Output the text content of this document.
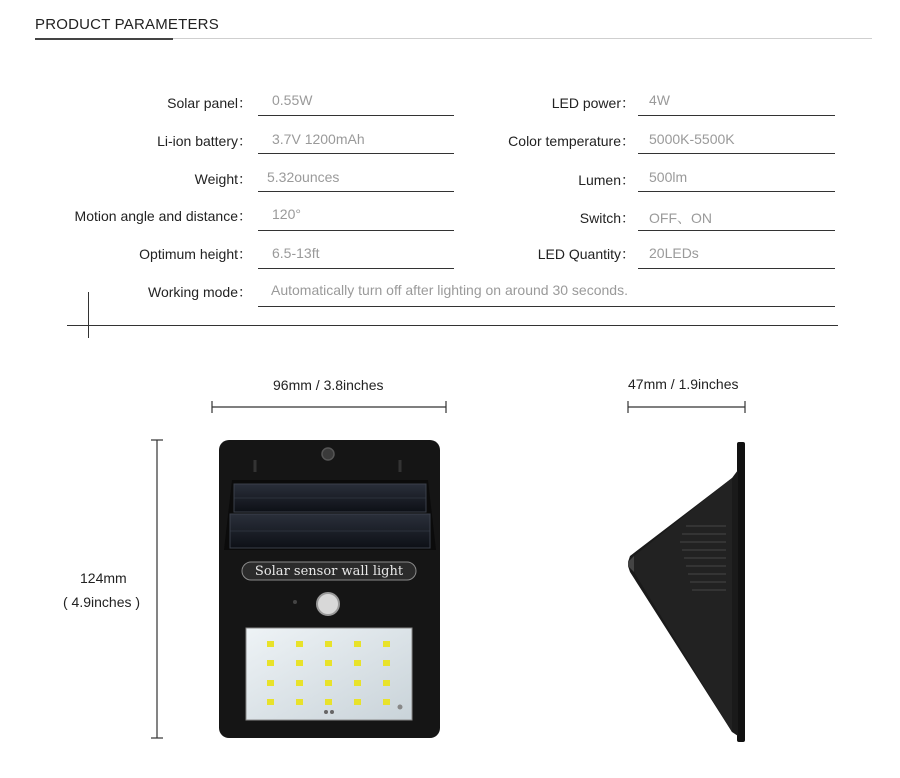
PRODUCT PARAMETERS
Solar panel： 0.55W
Li-ion battery： 3.7V 1200mAh
Weight： 5.32ounces
Motion angle and distance： 120°
Optimum height： 6.5-13ft
Working mode： Automatically turn off after lighting on around 30 seconds.
LED power： 4W
Color temperature： 5000K-5500K
Lumen： 500lm
Switch： OFF、ON
LED Quantity： 20LEDs
96mm / 3.8inches	47mm / 1.9inches
124mm
( 4.9inches )
Solar sensor wall light
